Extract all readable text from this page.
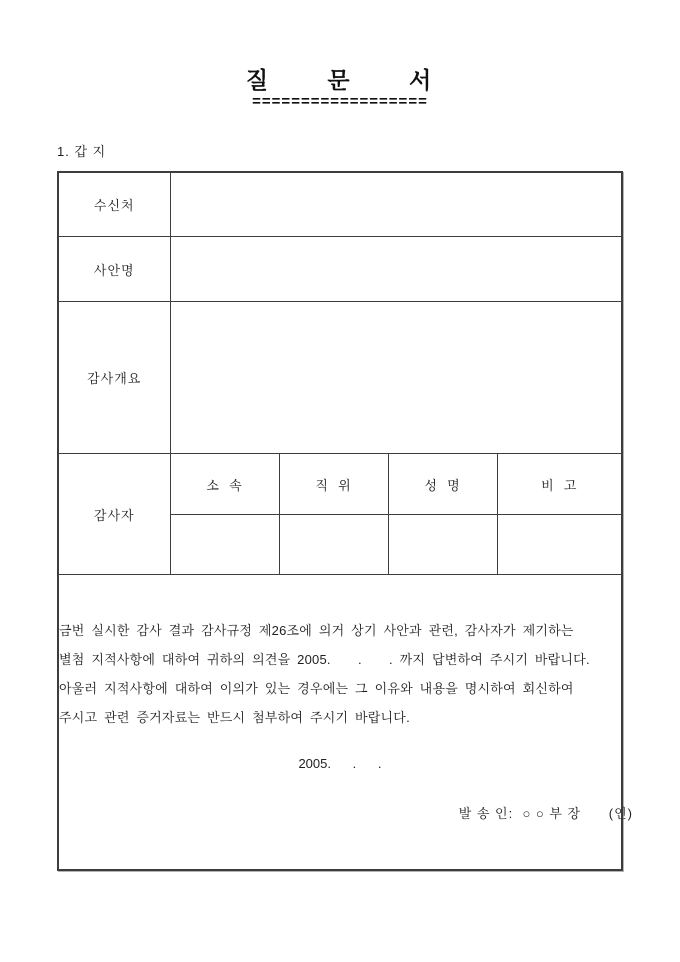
질      문      서
==================
1. 갑 지
수신처				
사안명				
감사개요				
감사자	소  속	직  위	성  명	비  고

금번 실시한 감사 결과 감사규정 제26조에 의거 상기 사안과 관련, 감사자가 제기하는
별첨 지적사항에 대하여 귀하의 의견을 2005.    .    . 까지 답변하여 주시기 바랍니다.
아울러 지적사항에 대하여 이의가 있는 경우에는 그 이유와 내용을 명시하여 회신하여
주시고 관련 증거자료는 반드시 첨부하여 주시기 바랍니다.
2005.      .      .
발 송 인:  ○ ○ 부 장      (인)
